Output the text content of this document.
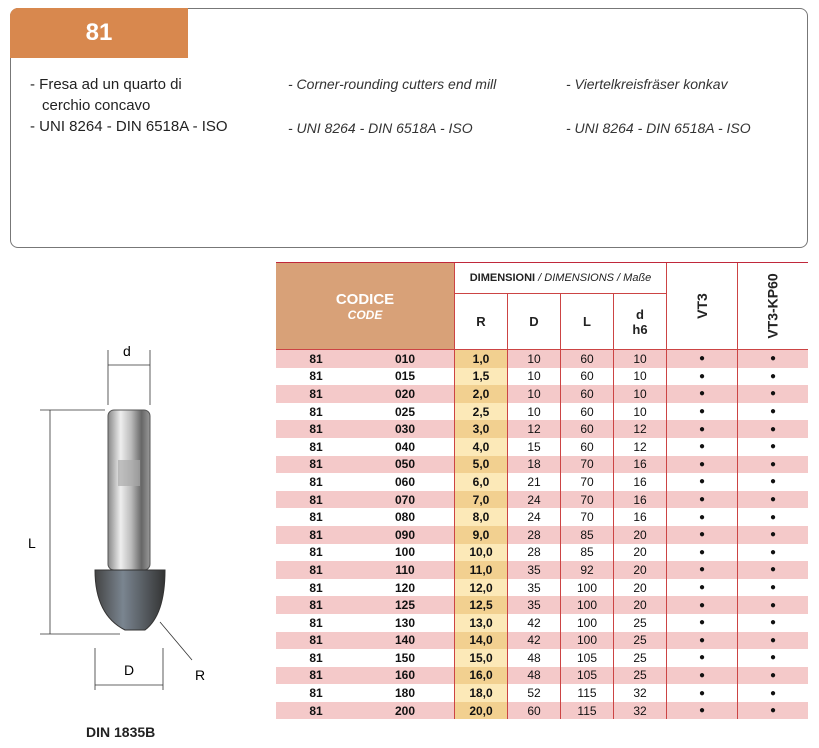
81
- Fresa ad un quarto di
cerchio concavo
- UNI 8264 - DIN 6518A - ISO
- Corner-rounding cutters end mill
- UNI 8264 - DIN 6518A - ISO
- Viertelkreisfräser konkav
- UNI 8264 - DIN 6518A - ISO
d
L
D	R
DIN 1835B
CODICE
CODE		DIMENSIONI / DIMENSIONS / Maße				VT3	VT3-KP60
		R	D	L	d
h6		
81	010	1,0	10	60	10	●	●
81	015	1,5	10	60	10	●	●
81	020	2,0	10	60	10	●	●
81	025	2,5	10	60	10	●	●
81	030	3,0	12	60	12	●	●
81	040	4,0	15	60	12	●	●
81	050	5,0	18	70	16	●	●
81	060	6,0	21	70	16	●	●
81	070	7,0	24	70	16	●	●
81	080	8,0	24	70	16	●	●
81	090	9,0	28	85	20	●	●
81	100	10,0	28	85	20	●	●
81	110	11,0	35	92	20	●	●
81	120	12,0	35	100	20	●	●
81	125	12,5	35	100	20	●	●
81	130	13,0	42	100	25	●	●
81	140	14,0	42	100	25	●	●
81	150	15,0	48	105	25	●	●
81	160	16,0	48	105	25	●	●
81	180	18,0	52	115	32	●	●
81	200	20,0	60	115	32	●	●
